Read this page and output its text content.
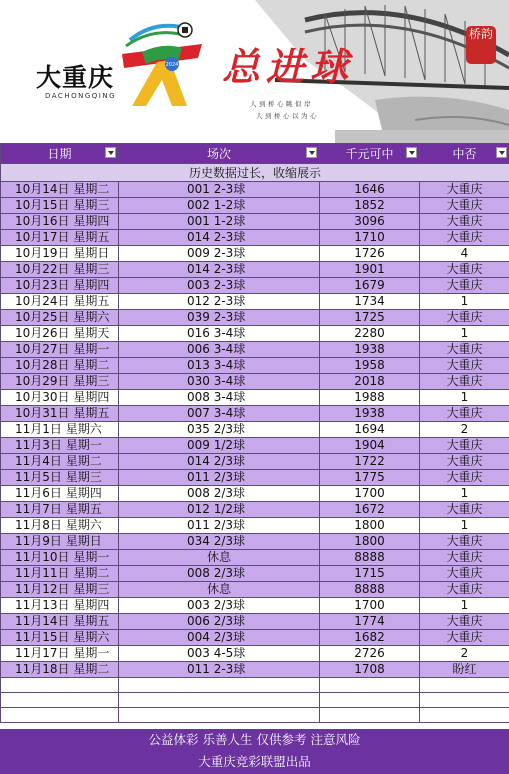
大重庆
DACHONGQING
2024 总进球
人到桥心眺似岸
人到桥心以为心
桥韵
日期	场次	千元可中	中否

历史数据过长，收缩展示			
10月14日 星期二	001 2-3球	1646	大重庆
10月15日 星期三	002 1-2球	1852	大重庆
10月16日 星期四	001 1-2球	3096	大重庆
10月17日 星期五	014 2-3球	1710	大重庆
10月19日 星期日	009 2-3球	1726	4
10月22日 星期三	014 2-3球	1901	大重庆
10月23日 星期四	003 2-3球	1679	大重庆
10月24日 星期五	012 2-3球	1734	1
10月25日 星期六	039 2-3球	1725	大重庆
10月26日 星期天	016 3-4球	2280	1
10月27日 星期一	006 3-4球	1938	大重庆
10月28日 星期二	013 3-4球	1958	大重庆
10月29日 星期三	030 3-4球	2018	大重庆
10月30日 星期四	008 3-4球	1988	1
10月31日 星期五	007 3-4球	1938	大重庆
11月1日 星期六	035 2/3球	1694	2
11月3日 星期一	009 1/2球	1904	大重庆
11月4日 星期二	014 2/3球	1722	大重庆
11月5日 星期三	011 2/3球	1775	大重庆
11月6日 星期四	008 2/3球	1700	1
11月7日 星期五	012 1/2球	1672	大重庆
11月8日 星期六	011 2/3球	1800	1
11月9日 星期日	034 2/3球	1800	大重庆
11月10日 星期一	休息	8888	大重庆
11月11日 星期二	008 2/3球	1715	大重庆
11月12日 星期三	休息	8888	大重庆
11月13日 星期四	003 2/3球	1700	1
11月14日 星期五	006 2/3球	1774	大重庆
11月15日 星期六	004 2/3球	1682	大重庆
11月17日 星期一	003 4-5球	2726	2
11月18日 星期二	011 2-3球	1708	盼红

公益体彩 乐善人生 仅供参考 注意风险
大重庆竞彩联盟出品
